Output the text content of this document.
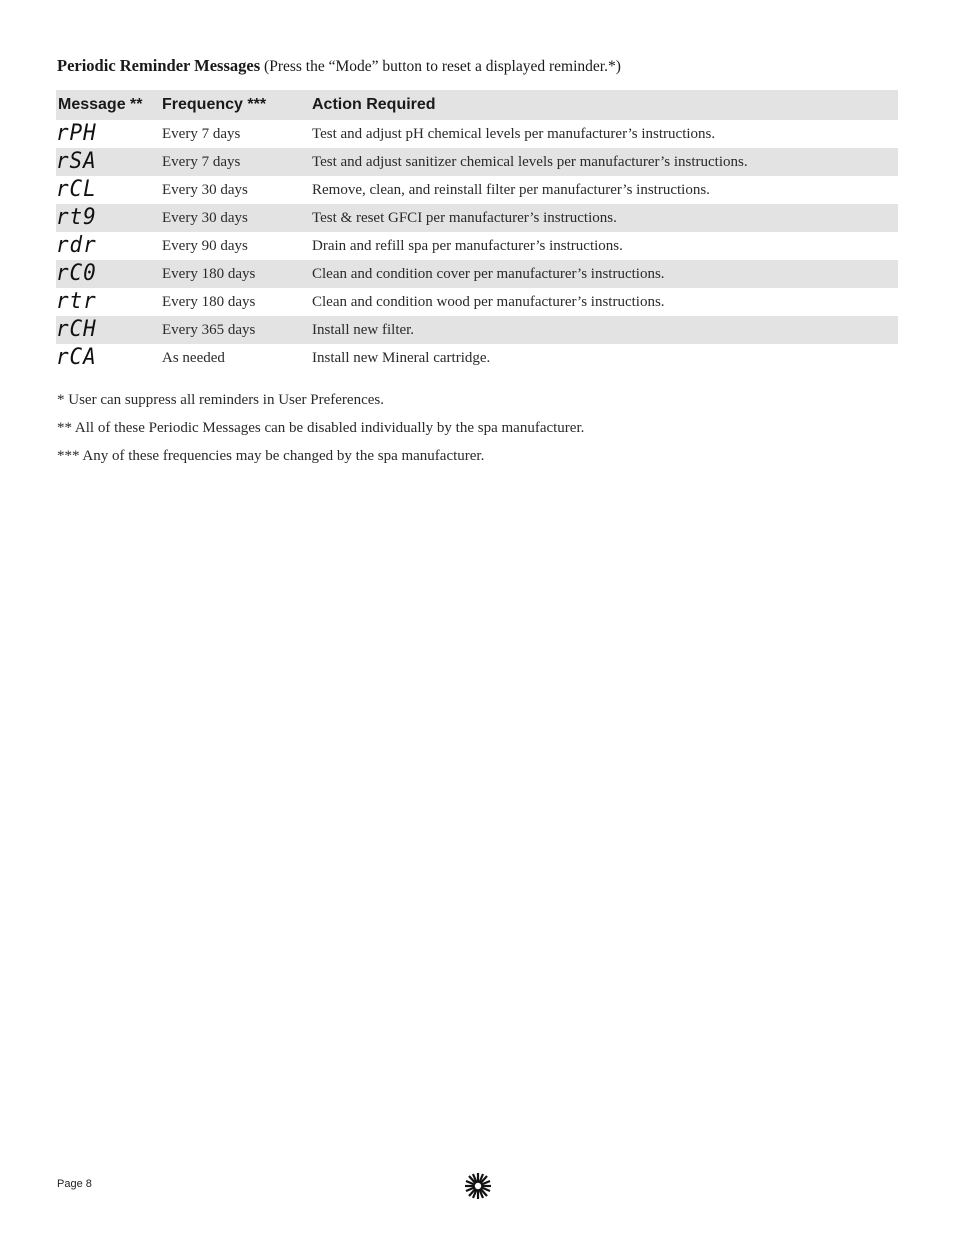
Periodic Reminder Messages (Press the “Mode” button to reset a displayed reminder.*)
Message **	Frequency ***	Action Required
rPH	Every 7 days	Test and adjust pH chemical levels per manufacturer’s instructions.
rSA	Every 7 days	Test and adjust sanitizer chemical levels per manufacturer’s instructions.
rCL	Every 30 days	Remove, clean, and reinstall filter per manufacturer’s instructions.
rt9	Every 30 days	Test & reset GFCI per manufacturer’s instructions.
rdr	Every 90 days	Drain and refill spa per manufacturer’s instructions.
rC0	Every 180 days	Clean and condition cover per manufacturer’s instructions.
rtr	Every 180 days	Clean and condition wood per manufacturer’s instructions.
rCH	Every 365 days	Install new filter.
rCA	As needed	Install new Mineral cartridge.

* User can suppress all reminders in User Preferences.

** All of these Periodic Messages can be disabled individually by the spa manufacturer.

*** Any of these frequencies may be changed by the spa manufacturer.

Page 8
